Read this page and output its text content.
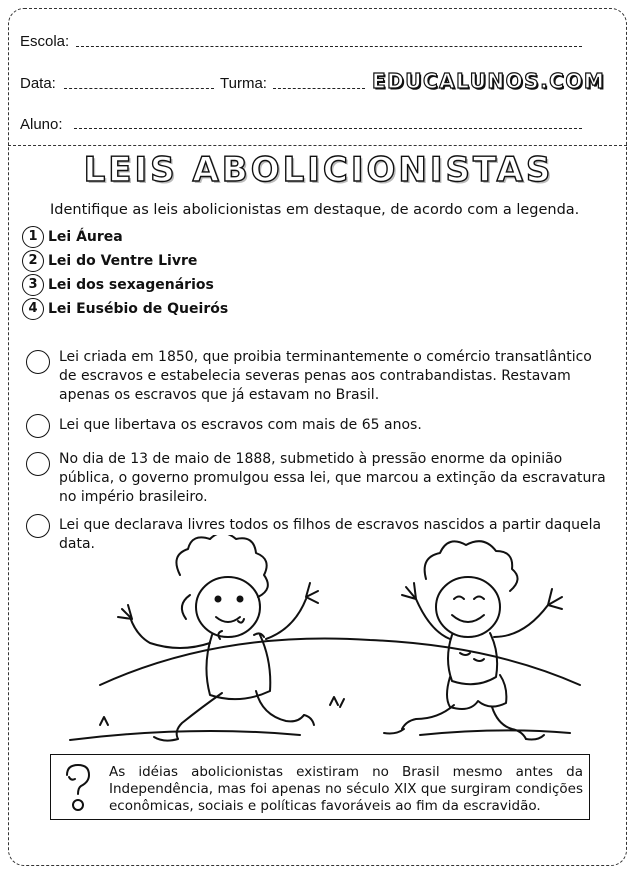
Escola:
Data:	Turma:	EDUCALUNOS.COM
Aluno:
LEIS ABOLICIONISTAS
Identifique as leis abolicionistas em destaque, de acordo com a legenda.
1 Lei Áurea
2 Lei do Ventre Livre
3 Lei dos sexagenários
4 Lei Eusébio de Queirós
Lei criada em 1850, que proibia terminantemente o comércio transatlântico de escravos e estabelecia severas penas aos contrabandistas. Restavam apenas os escravos que já estavam no Brasil.
Lei que libertava os escravos com mais de 65 anos.
No dia de 13 de maio de 1888, submetido à pressão enorme da opinião pública, o governo promulgou essa lei, que marcou a extinção da escravatura no império brasileiro.
Lei que declarava livres todos os filhos de escravos nascidos a partir daquela data.
As idéias abolicionistas existiram no Brasil mesmo antes da Independência, mas foi apenas no século XIX que surgiram condições econômicas, sociais e políticas favoráveis ao fim da escravidão.
